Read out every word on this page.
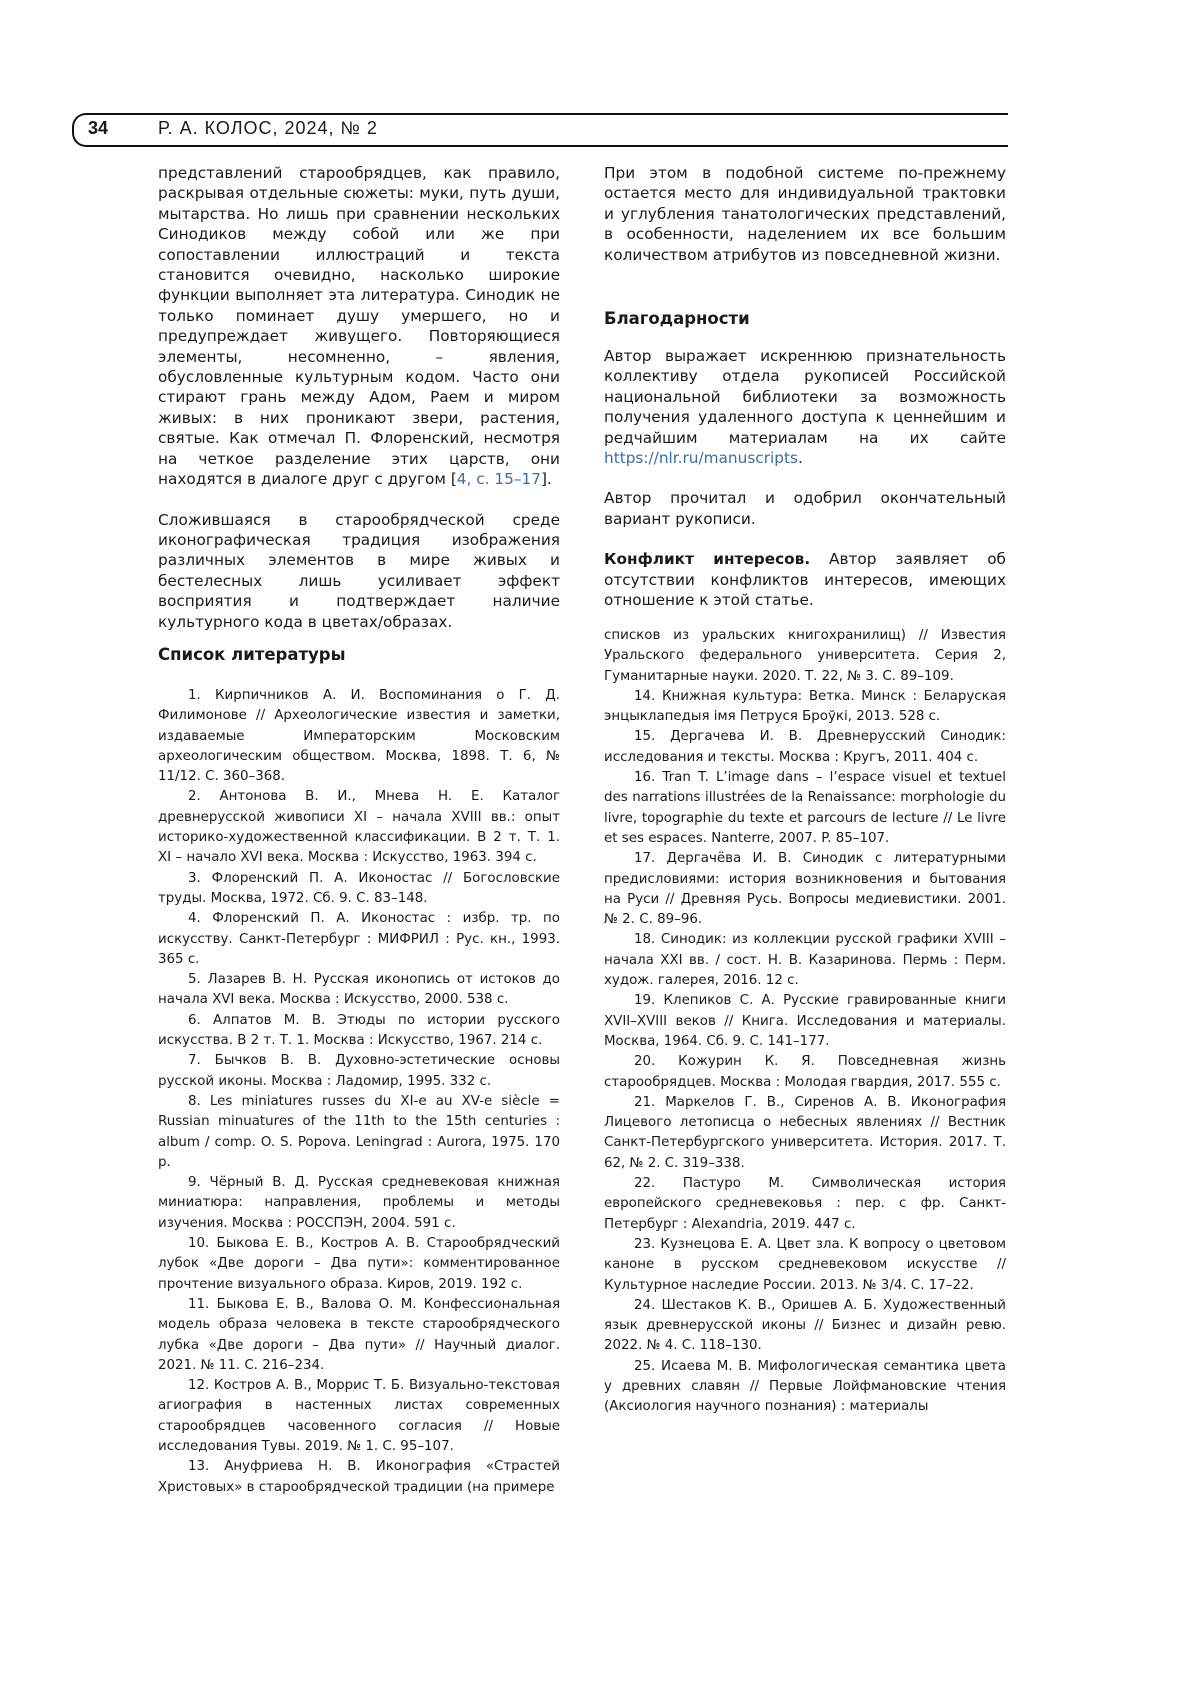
34	Р. А. КОЛОС, 2024, № 2

представлений старообрядцев, как правило, раскрывая отдельные сюжеты: муки, путь души, мытарства. Но лишь при сравнении нескольких Синодиков между собой или же при сопоставлении иллюстраций и текста становится очевидно, насколько широкие функции выполняет эта литература. Синодик не только поминает душу умершего, но и предупреждает живущего. Повторяющиеся элементы, несомненно, – явления, обусловленные культурным кодом. Часто они стирают грань между Адом, Раем и миром живых: в них проникают звери, растения, святые. Как отмечал П. Флоренский, несмотря на четкое разделение этих царств, они находятся в диалоге друг с другом [4, с. 15–17].

Сложившаяся в старообрядческой среде иконографическая традиция изображения различных элементов в мире живых и бестелесных лишь усиливает эффект восприятия и подтверждает наличие культурного кода в цветах/образах.

При этом в подобной системе по-прежнему остается место для индивидуальной трактовки и углубления танатологических представлений, в особенности, наделением их все большим количеством атрибутов из повседневной жизни.

Благодарности

Автор выражает искреннюю признательность коллективу отдела рукописей Российской национальной библиотеки за возможность получения удаленного доступа к ценнейшим и редчайшим материалам на их сайте https://nlr.ru/manuscripts.

Автор прочитал и одобрил окончательный вариант рукописи.

Конфликт интересов. Автор заявляет об отсутствии конфликтов интересов, имеющих отношение к этой статье.

Список литературы

1. Кирпичников А. И. Воспоминания о Г. Д. Филимонове // Археологические известия и заметки, издаваемые Императорским Московским археологическим обществом. Москва, 1898. Т. 6, № 11/12. С. 360–368.

2. Антонова В. И., Мнева Н. Е. Каталог древнерусской живописи XI – начала XVIII вв.: опыт историко-художественной классификации. В 2 т. Т. 1. XI – начало XVI века. Москва : Искусство, 1963. 394 с.

3. Флоренский П. А. Иконостас // Богословские труды. Москва, 1972. Сб. 9. С. 83–148.

4. Флоренский П. А. Иконостас : избр. тр. по искусству. Санкт-Петербург : МИФРИЛ : Рус. кн., 1993. 365 с.

5. Лазарев В. Н. Русская иконопись от истоков до начала XVI века. Москва : Искусство, 2000. 538 с.

6. Алпатов М. В. Этюды по истории русского искусства. В 2 т. Т. 1. Москва : Искусство, 1967. 214 с.

7. Бычков В. В. Духовно-эстетические основы русской иконы. Москва : Ладомир, 1995. 332 с.

8. Les miniatures russes du XI-e au XV-e siècle = Russian minuatures of the 11th to the 15th centuries : album / comp. O. S. Popova. Leningrad : Aurora, 1975. 170 p.

9. Чёрный В. Д. Русская средневековая книжная миниатюра: направления, проблемы и методы изучения. Москва : РОССПЭН, 2004. 591 с.

10. Быкова Е. В., Костров А. В. Старообрядческий лубок «Две дороги – Два пути»: комментированное прочтение визуального образа. Киров, 2019. 192 с.

11. Быкова Е. В., Валова О. М. Конфессиональная модель образа человека в тексте старообрядческого лубка «Две дороги – Два пути» // Научный диалог. 2021. № 11. С. 216–234.

12. Костров А. В., Моррис Т. Б. Визуально-текстовая агиография в настенных листах современных старообрядцев часовенного согласия // Новые исследования Тувы. 2019. № 1. С. 95–107.

13. Ануфриева Н. В. Иконография «Страстей Христовых» в старообрядческой традиции (на примере

списков из уральских книгохранилищ) // Известия Уральского федерального университета. Серия 2, Гуманитарные науки. 2020. Т. 22, № 3. С. 89–109.

14. Книжная культура: Ветка. Минск : Беларуская энцыклапедыя імя Петруся Броўкі, 2013. 528 с.

15. Дергачева И. В. Древнерусский Синодик: исследования и тексты. Москва : Кругъ, 2011. 404 с.

16. Tran T. L’image dans – l’espace visuel et textuel des narrations illustrées de la Renaissance: morphologie du livre, topographie du texte et parcours de lecture // Le livre et ses espaces. Nanterre, 2007. P. 85–107.

17. Дергачёва И. В. Синодик с литературными предисловиями: история возникновения и бытования на Руси // Древняя Русь. Вопросы медиевистики. 2001. № 2. С. 89–96.

18. Синодик: из коллекции русской графики XVIII – начала XXI вв. / сост. Н. В. Казаринова. Пермь : Перм. худож. галерея, 2016. 12 с.

19. Клепиков С. А. Русские гравированные книги XVII–XVIII веков // Книга. Исследования и материалы. Москва, 1964. Сб. 9. С. 141–177.

20. Кожурин К. Я. Повседневная жизнь старообрядцев. Москва : Молодая гвардия, 2017. 555 с.

21. Маркелов Г. В., Сиренов А. В. Иконография Лицевого летописца о небесных явлениях // Вестник Санкт-Петербургского университета. История. 2017. Т. 62, № 2. С. 319–338.

22. Пастуро М. Символическая история европейского средневековья : пер. с фр. Санкт-Петербург : Alexandria, 2019. 447 с.

23. Кузнецова Е. А. Цвет зла. К вопросу о цветовом каноне в русском средневековом искусстве // Культурное наследие России. 2013. № 3/4. С. 17–22.

24. Шестаков К. В., Оришев А. Б. Художественный язык древнерусской иконы // Бизнес и дизайн ревю. 2022. № 4. С. 118–130.

25. Исаева М. В. Мифологическая семантика цвета у древних славян // Первые Лойфмановские чтения (Аксиология научного познания) : материалы
